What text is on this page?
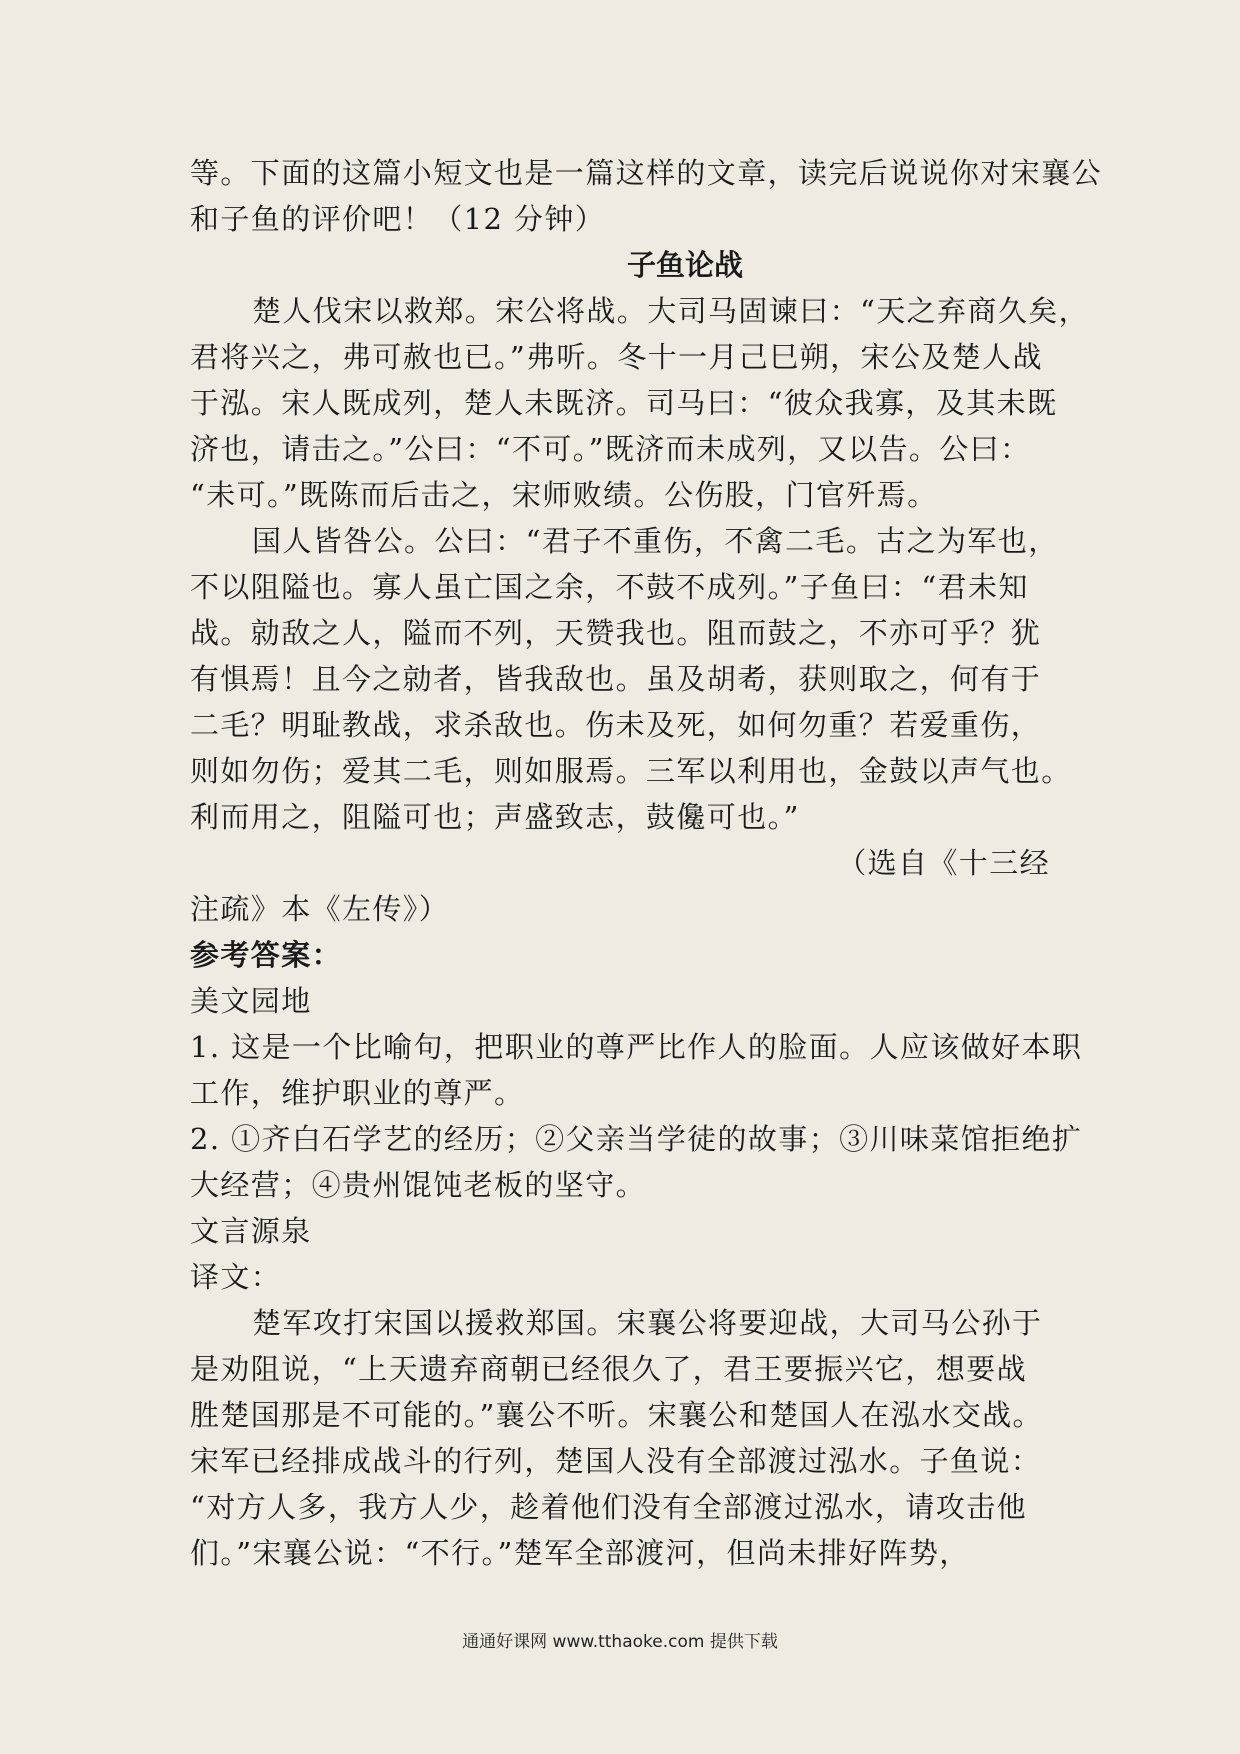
等。下面的这篇小短文也是一篇这样的文章，读完后说说你对宋襄公
和子鱼的评价吧！（12 分钟）
子鱼论战
楚人伐宋以救郑。宋公将战。大司马固谏曰：“天之弃商久矣，
君将兴之，弗可赦也已。”弗听。冬十一月己巳朔，宋公及楚人战
于泓。宋人既成列，楚人未既济。司马曰：“彼众我寡，及其未既
济也，请击之。”公曰：“不可。”既济而未成列，又以告。公曰：
“未可。”既陈而后击之，宋师败绩。公伤股，门官歼焉。
国人皆咎公。公曰：“君子不重伤，不禽二毛。古之为军也，
不以阻隘也。寡人虽亡国之余，不鼓不成列。”子鱼曰：“君未知
战。勍敌之人，隘而不列，天赞我也。阻而鼓之，不亦可乎？犹
有惧焉！且今之勍者，皆我敌也。虽及胡耇，获则取之，何有于
二毛？明耻教战，求杀敌也。伤未及死，如何勿重？若爱重伤，
则如勿伤；爱其二毛，则如服焉。三军以利用也，金鼓以声气也。
利而用之，阻隘可也；声盛致志，鼓儳可也。”
（选自《十三经
注疏》本《左传》）
参考答案：
美文园地
1. 这是一个比喻句，把职业的尊严比作人的脸面。人应该做好本职
工作，维护职业的尊严。
2. ①齐白石学艺的经历；②父亲当学徒的故事；③川味菜馆拒绝扩
大经营；④贵州馄饨老板的坚守。
文言源泉
译文：
楚军攻打宋国以援救郑国。宋襄公将要迎战，大司马公孙于
是劝阻说，“上天遗弃商朝已经很久了，君王要振兴它，想要战
胜楚国那是不可能的。”襄公不听。宋襄公和楚国人在泓水交战。
宋军已经排成战斗的行列，楚国人没有全部渡过泓水。子鱼说：
“对方人多，我方人少，趁着他们没有全部渡过泓水，请攻击他
们。”宋襄公说：“不行。”楚军全部渡河，但尚未排好阵势，
通通好课网 www.tthaoke.com 提供下载
